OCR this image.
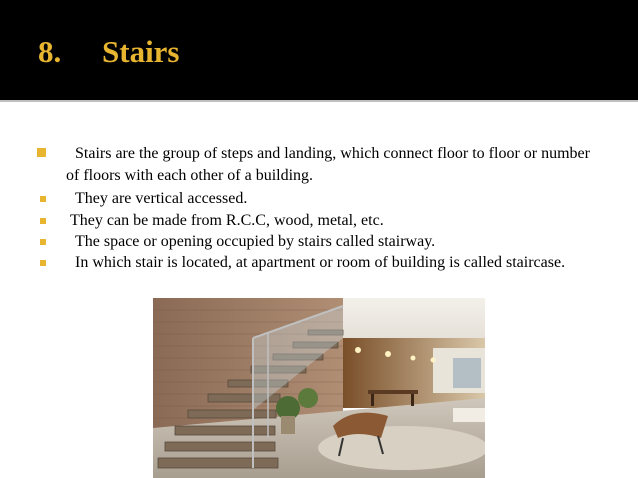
8. Stairs
Stairs are the group of steps and landing, which connect floor to floor or number of floors with each other of a building.
They are vertical accessed.
They can be made from R.C.C, wood, metal, etc.
The space or opening occupied by stairs called stairway.
In which stair is located, at apartment or room of building is called staircase.
